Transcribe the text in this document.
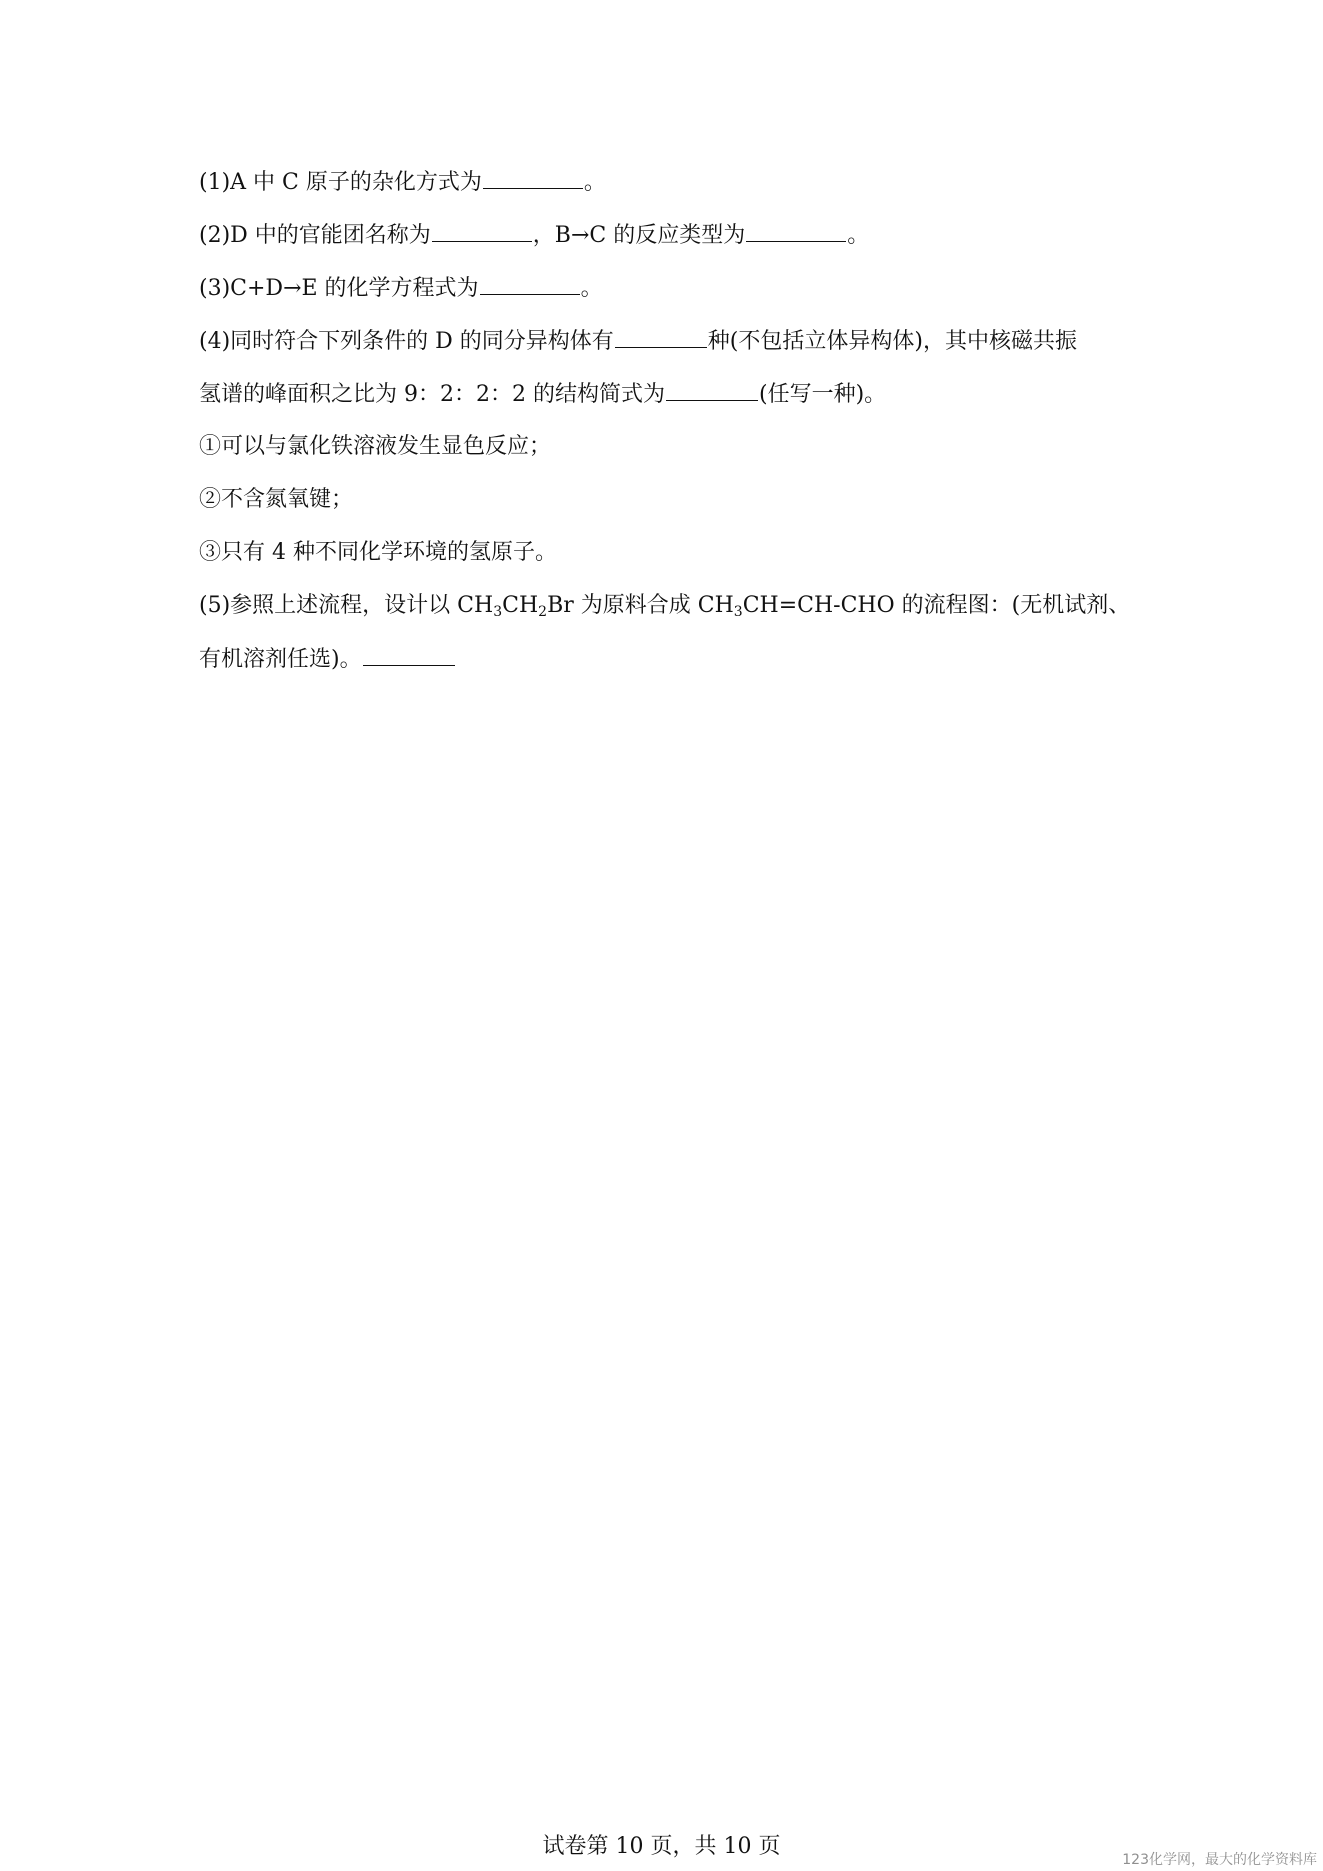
(1)A 中 C 原子的杂化方式为	。
(2)D 中的官能团名称为	，B→C 的反应类型为	。
(3)C+D→E 的化学方程式为	。
(4)同时符合下列条件的 D 的同分异构体有	种(不包括立体异构体)，其中核磁共振
氢谱的峰面积之比为 9：2：2：2 的结构简式为	(任写一种)。
①可以与氯化铁溶液发生显色反应；
②不含氮氧键；
③只有 4 种不同化学环境的氢原子。
(5)参照上述流程，设计以 $CH_3CH_2Br$ 为原料合成 $CH_3CH=CH$-CHO 的流程图：(无机试剂、
有机溶剂任选)。
试卷第 10 页，共 10 页
123化学网，最大的化学资料库
